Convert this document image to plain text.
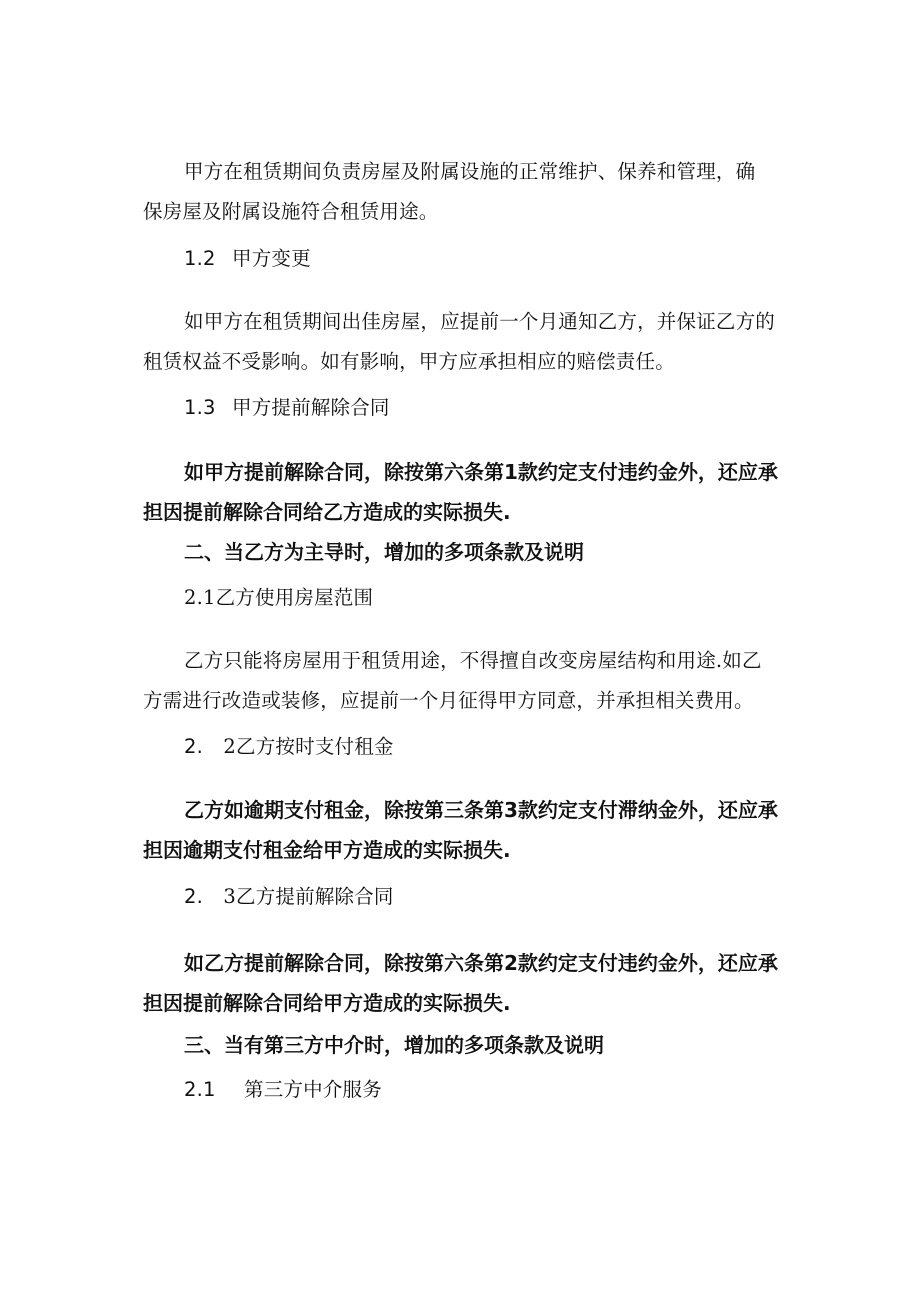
甲方在租赁期间负责房屋及附属设施的正常维护、保养和管理，确
保房屋及附属设施符合租赁用途。
1.2 甲方变更
如甲方在租赁期间出佳房屋，应提前一个月通知乙方，并保证乙方的
租赁权益不受影响。如有影响，甲方应承担相应的赔偿责任。
1.3 甲方提前解除合同
如甲方提前解除合同，除按第六条第1款约定支付违约金外，还应承
担因提前解除合同给乙方造成的实际损失.
二、当乙方为主导时，增加的多项条款及说明
2.1乙方使用房屋范围
乙方只能将房屋用于租赁用途，不得擅自改变房屋结构和用途.如乙
方需进行改造或装修，应提前一个月征得甲方同意，并承担相关费用。
2. 2乙方按时支付租金
乙方如逾期支付租金，除按第三条第3款约定支付滞纳金外，还应承
担因逾期支付租金给甲方造成的实际损失.
2. 3乙方提前解除合同
如乙方提前解除合同，除按第六条第2款约定支付违约金外，还应承
担因提前解除合同给甲方造成的实际损失.
三、当有第三方中介时，增加的多项条款及说明
2.1 第三方中介服务
